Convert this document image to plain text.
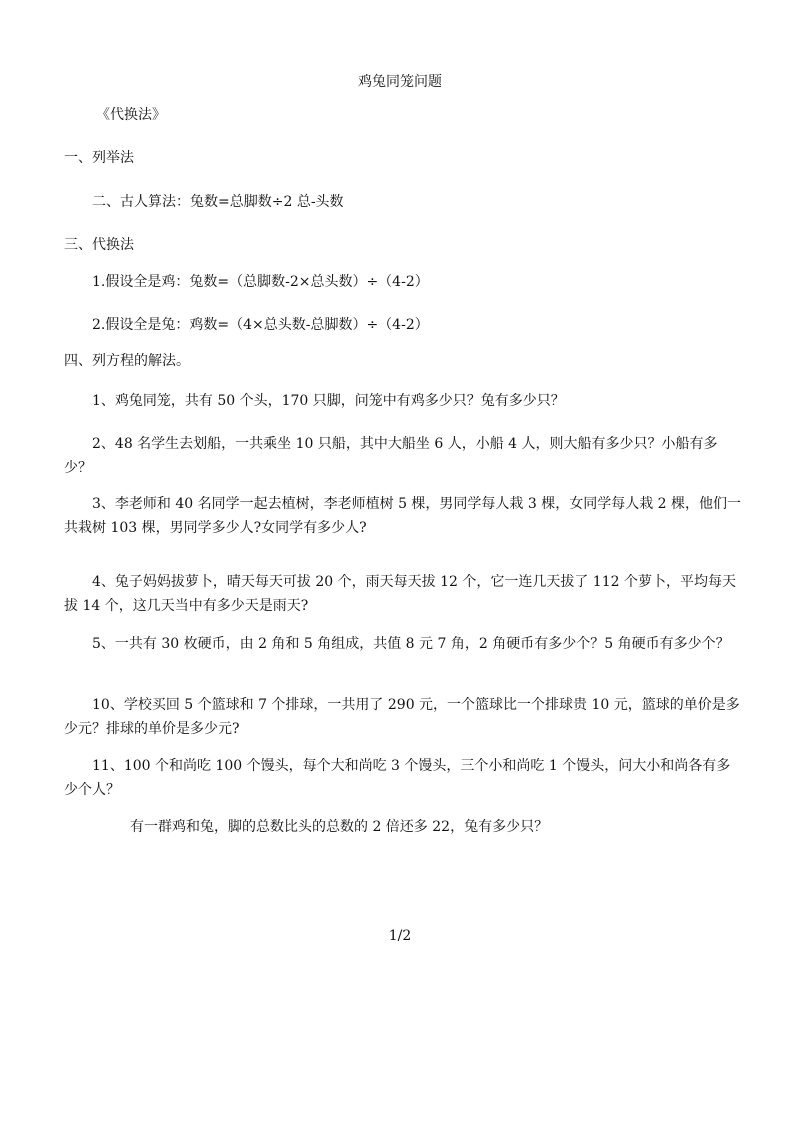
鸡兔同笼问题
《代换法》
一、列举法
二、古人算法：兔数=总脚数÷2 总-头数
三、代换法
1.假设全是鸡：兔数=（总脚数-2×总头数）÷（4-2）
2.假设全是兔：鸡数=（4×总头数-总脚数）÷（4-2）
四、列方程的解法。
1、鸡兔同笼，共有 50 个头，170 只脚，问笼中有鸡多少只？兔有多少只？
2、48 名学生去划船，一共乘坐 10 只船，其中大船坐 6 人，小船 4 人，则大船有多少只？小船有多少？
3、李老师和 40 名同学一起去植树，李老师植树 5 棵，男同学每人栽 3 棵，女同学每人栽 2 棵，他们一共栽树 103 棵，男同学多少人?女同学有多少人?
4、兔子妈妈拔萝卜，晴天每天可拔 20 个，雨天每天拔 12 个，它一连几天拔了 112 个萝卜，平均每天拔 14 个，这几天当中有多少天是雨天?
5、一共有 30 枚硬币，由 2 角和 5 角组成，共值 8 元 7 角，2 角硬币有多少个？5 角硬币有多少个？
10、学校买回 5 个篮球和 7 个排球，一共用了 290 元，一个篮球比一个排球贵 10 元，篮球的单价是多少元？排球的单价是多少元?
11、100 个和尚吃 100 个馒头，每个大和尚吃 3 个馒头，三个小和尚吃 1 个馒头，问大小和尚各有多少个人？
有一群鸡和兔，脚的总数比头的总数的 2 倍还多 22，兔有多少只？
1/2
